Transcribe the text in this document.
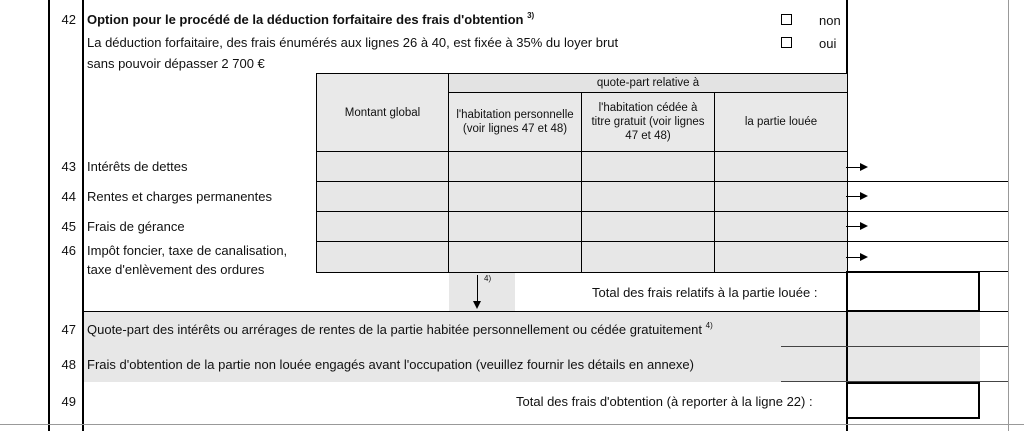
42 Option pour le procédé de la déduction forfaitaire des frais d'obtention $^{3)}$
La déduction forfaitaire, des frais énumérés aux lignes 26 à 40, est fixée à 35% du loyer brut
sans pouvoir dépasser 2 700 €
non
oui
Montant global
quote-part relative à
l'habitation personnelle (voir lignes 47 et 48)
l'habitation cédée à titre gratuit (voir lignes 47 et 48)
la partie louée
43 Intérêts de dettes
44 Rentes et charges permanentes
45 Frais de gérance
46 Impôt foncier, taxe de canalisation,
taxe d'enlèvement des ordures
4)
Total des frais relatifs à la partie louée :
47 Quote-part des intérêts ou arrérages de rentes de la partie habitée personnellement ou cédée gratuitement $^{4)}$
48 Frais d'obtention de la partie non louée engagés avant l'occupation (veuillez fournir les détails en annexe)
49	Total des frais d'obtention (à reporter à la ligne 22) :
